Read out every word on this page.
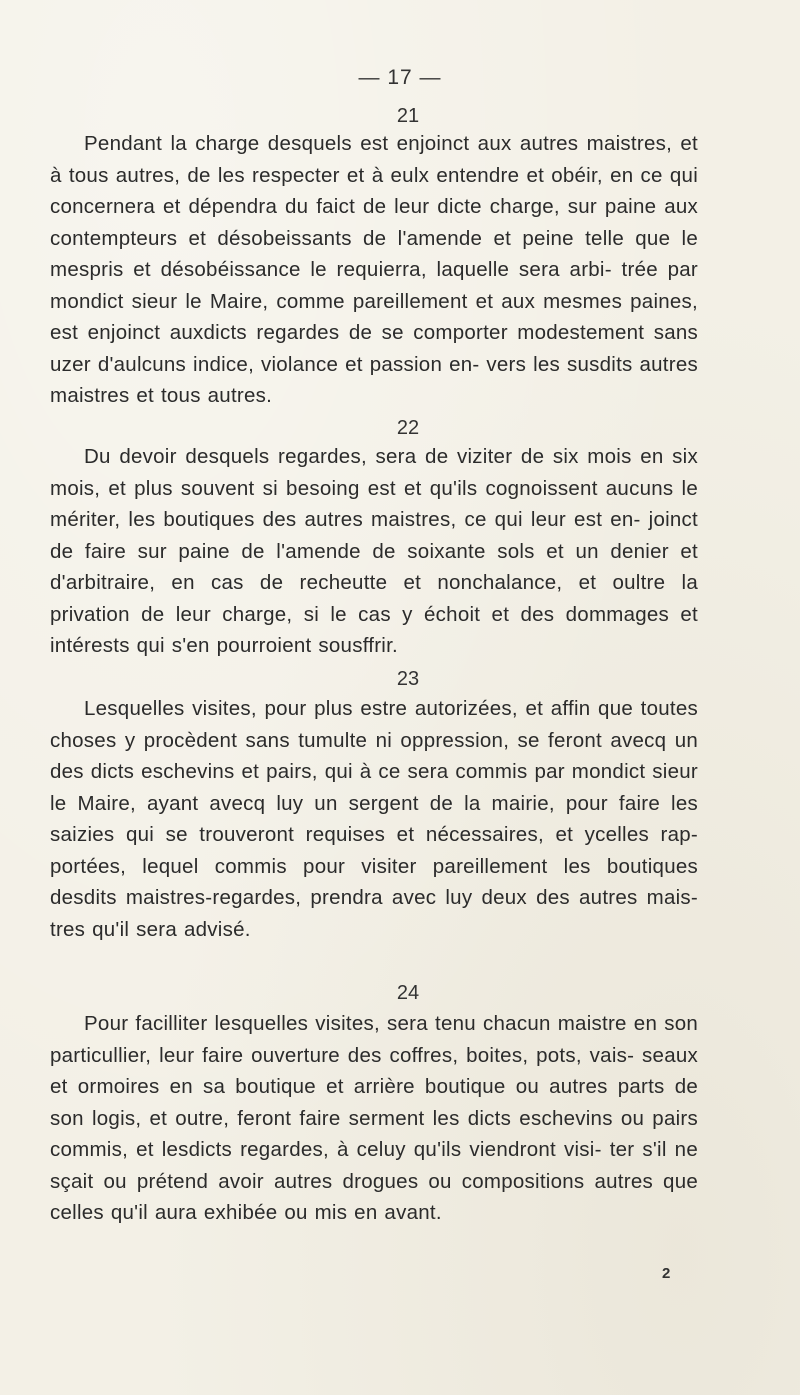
— 17 —
21

Pendant la charge desquels est enjoinct aux autres maistres, et à tous autres, de les respecter et à eulx entendre et obéir, en ce qui concernera et dépendra du faict de leur dicte charge, sur paine aux contempteurs et désobeissants de l'amende et peine telle que le mespris et désobéissance le requierra, laquelle sera arbi- trée par mondict sieur le Maire, comme pareillement et aux mesmes paines, est enjoinct auxdicts regardes de se comporter modestement sans uzer d'aulcuns indice, violance et passion en- vers les susdits autres maistres et tous autres.

22

Du devoir desquels regardes, sera de viziter de six mois en six mois, et plus souvent si besoing est et qu'ils cognoissent aucuns le mériter, les boutiques des autres maistres, ce qui leur est en- joinct de faire sur paine de l'amende de soixante sols et un denier et d'arbitraire, en cas de recheutte et nonchalance, et oultre la privation de leur charge, si le cas y échoit et des dommages et intérests qui s'en pourroient sousffrir.

23

Lesquelles visites, pour plus estre autorizées, et affin que toutes choses y procèdent sans tumulte ni oppression, se feront avecq un des dicts eschevins et pairs, qui à ce sera commis par mondict sieur le Maire, ayant avecq luy un sergent de la mairie, pour faire les saizies qui se trouveront requises et nécessaires, et ycelles rap- portées, lequel commis pour visiter pareillement les boutiques desdits maistres-regardes, prendra avec luy deux des autres mais- tres qu'il sera advisé.

24

Pour facilliter lesquelles visites, sera tenu chacun maistre en son particullier, leur faire ouverture des coffres, boites, pots, vais- seaux et ormoires en sa boutique et arrière boutique ou autres parts de son logis, et outre, feront faire serment les dicts eschevins ou pairs commis, et lesdicts regardes, à celuy qu'ils viendront visi- ter s'il ne sçait ou prétend avoir autres drogues ou compositions autres que celles qu'il aura exhibée ou mis en avant.

2
